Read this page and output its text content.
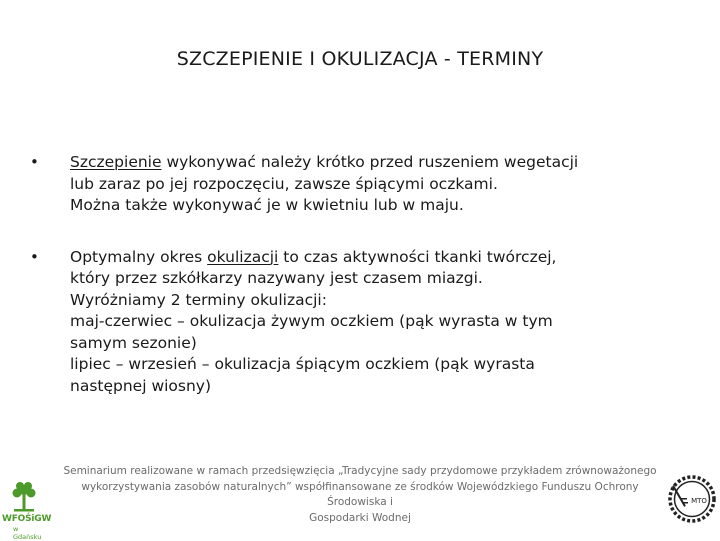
SZCZEPIENIE I OKULIZACJA - TERMINY
• Szczepienie wykonywać należy krótko przed ruszeniem wegetacji
lub zaraz po jej rozpoczęciu, zawsze śpiącymi oczkami.
Można także wykonywać je w kwietniu lub w maju.
• Optymalny okres okulizacji to czas aktywności tkanki twórczej,
który przez szkółkarzy nazywany jest czasem miazgi.
Wyróżniamy 2 terminy okulizacji:
maj-czerwiec – okulizacja żywym oczkiem (pąk wyrasta w tym
samym sezonie)
lipiec – wrzesień – okulizacja śpiącym oczkiem (pąk wyrasta
następnej wiosny)
Seminarium realizowane w ramach przedsięwzięcia „Tradycyjne sady przydomowe przykładem zrównoważonego
wykorzystywania zasobów naturalnych” współfinansowane ze środków Wojewódzkiego Funduszu Ochrony Środowiska i
Gospodarki Wodnej
WFOŚiGW
w Gdańsku
MTO
